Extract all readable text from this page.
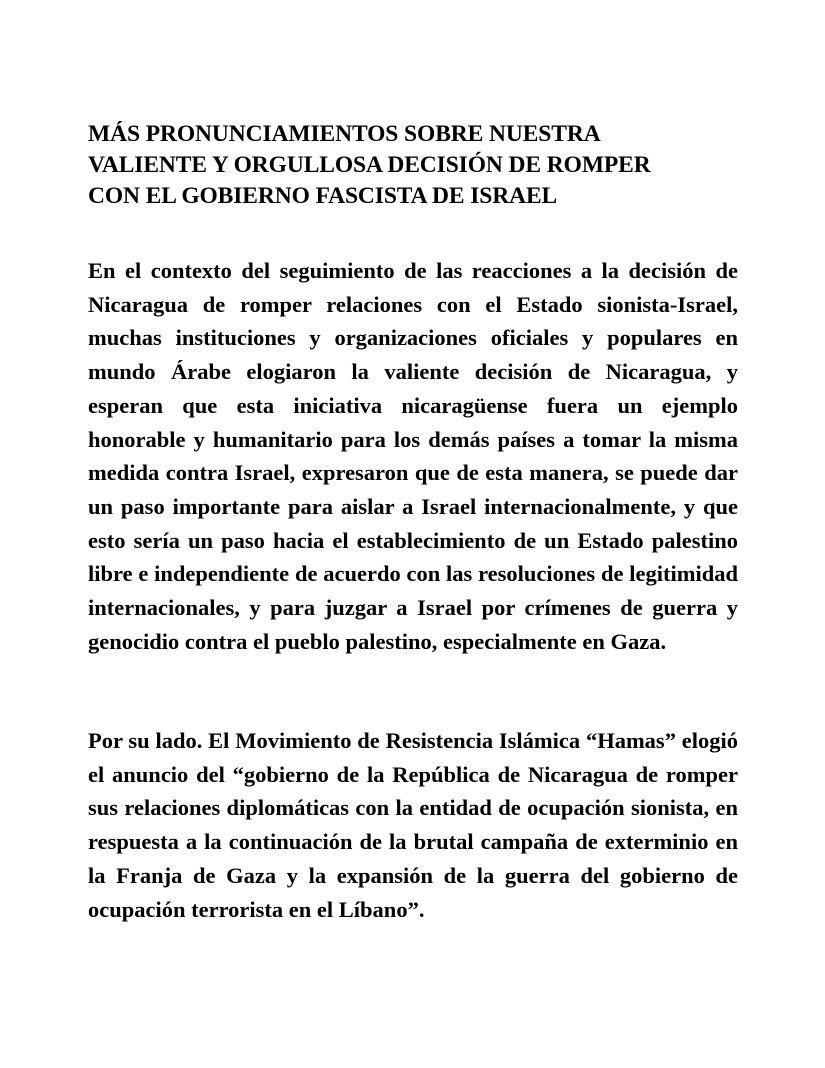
MÁS PRONUNCIAMIENTOS SOBRE NUESTRA
VALIENTE Y ORGULLOSA DECISIÓN DE ROMPER
CON EL GOBIERNO FASCISTA DE ISRAEL

En el contexto del seguimiento de las reacciones a la decisión de Nicaragua de romper relaciones con el Estado sionista-Israel, muchas instituciones y organizaciones oficiales y populares en mundo Árabe elogiaron la valiente decisión de Nicaragua, y esperan que esta iniciativa nicaragüense fuera un ejemplo honorable y humanitario para los demás países a tomar la misma medida contra Israel, expresaron que de esta manera, se puede dar un paso importante para aislar a Israel internacionalmente, y que esto sería un paso hacia el establecimiento de un Estado palestino libre e independiente de acuerdo con las resoluciones de legitimidad internacionales, y para juzgar a Israel por crímenes de guerra y genocidio contra el pueblo palestino, especialmente en Gaza.

Por su lado. El Movimiento de Resistencia Islámica “Hamas” elogió el anuncio del “gobierno de la República de Nicaragua de romper sus relaciones diplomáticas con la entidad de ocupación sionista, en respuesta a la continuación de la brutal campaña de exterminio en la Franja de Gaza y la expansión de la guerra del gobierno de ocupación terrorista en el Líbano”.
